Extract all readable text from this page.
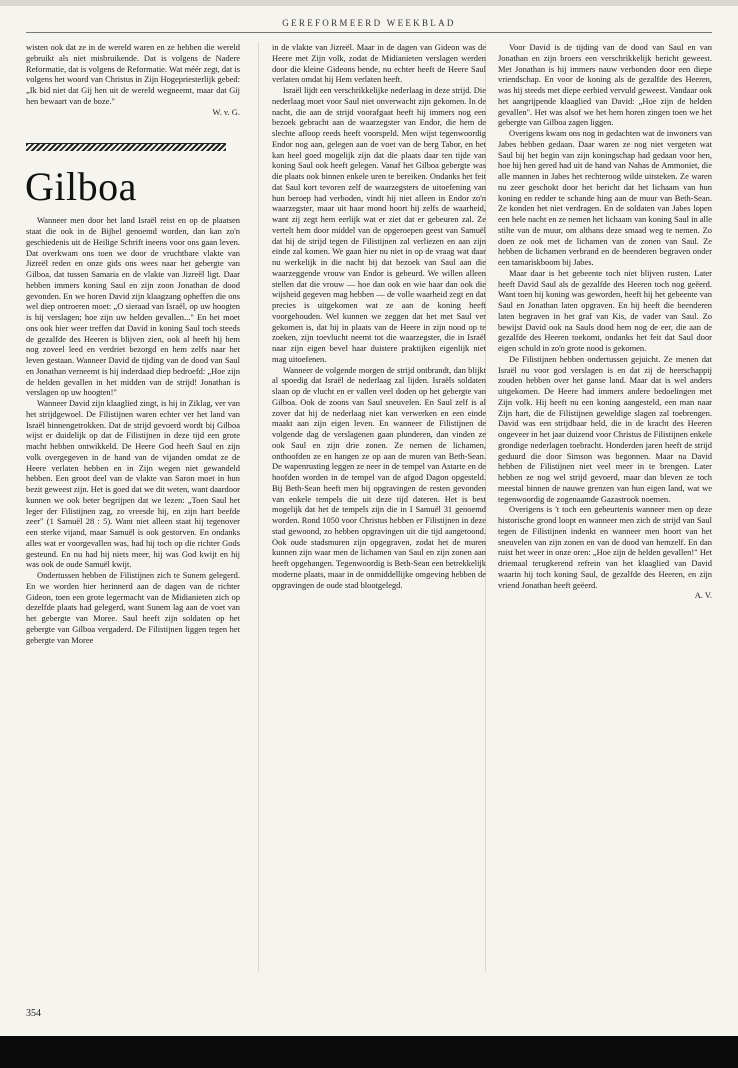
GEREFORMEERD WEEKBLAD

wisten ook dat ze in de wereld waren en ze hebben die wereld gebruikt als niet misbruikende. Dat is volgens de Nadere Reformatie, dat is volgens de Reformatie. Wat méér zegt, dat is volgens het woord van Christus in Zijn Hogepriesterlijk gebed: „Ik bid niet dat Gij hen uit de wereld wegneemt, maar dat Gij hen bewaart van de boze."

W. v. G.

Gilboa

Wanneer men door het land Israël reist en op de plaatsen staat die ook in de Bijbel genoemd worden, dan kan zo'n geschiedenis uit de Heilige Schrift ineens voor ons gaan leven. Dat overkwam ons toen we door de vruchtbare vlakte van Jizreël reden en onze gids ons wees naar het gebergte van Gilboa, dat tussen Samaria en de vlakte van Jizreël ligt. Daar hebben immers koning Saul en zijn zoon Jonathan de dood gevonden. En we horen David zijn klaagzang opheffen die ons wel diep ontroeren moet: „O sieraad van Israël, op uw hoogten is hij verslagen; hoe zijn uw helden gevallen..." En het moet ons ook hier weer treffen dat David in koning Saul toch steeds de gezalfde des Heeren is blijven zien, ook al heeft hij hem nog zoveel leed en verdriet bezorgd en hem zelfs naar het leven gestaan. Wanneer David de tijding van de dood van Saul en Jonathan verneemt is hij inderdaad diep bedroefd: „Hoe zijn de helden gevallen in het midden van de strijd! Jonathan is verslagen op uw hoogten!"

Wanneer David zijn klaaglied zingt, is hij in Ziklag, ver van het strijdgewoel. De Filistijnen waren echter ver het land van Israël binnengetrokken. Dat de strijd gevoerd wordt bij Gilboa wijst er duidelijk op dat de Filistijnen in deze tijd een grote macht hebben ontwikkeld. De Heere God heeft Saul en zijn volk overgegeven in de hand van de vijanden omdat ze de Heere verlaten hebben en in Zijn wegen niet gewandeld hebben. Een groot deel van de vlakte van Saron moet in hun bezit geweest zijn. Het is goed dat we dit weten, want daardoor kunnen we ook beter begrijpen dat we lezen: „Toen Saul het leger der Filistijnen zag, zo vreesde hij, en zijn hart beefde zeer" (1 Samuël 28 : 5). Want niet alleen staat hij tegenover een sterke vijand, maar Samuël is ook gestorven. En ondanks alles wat er voorgevallen was, had hij toch op die richter Gods gesteund. En nu had hij niets meer, hij was God kwijt en hij was ook de oude Samuël kwijt.

Ondertussen hebben de Filistijnen zich te Sunem gelegerd. En we worden hier herinnerd aan de dagen van de richter Gideon, toen een grote legermacht van de Midianieten zich op dezelfde plaats had gelegerd, want Sunem lag aan de voet van het gebergte van Moree. Saul heeft zijn soldaten op het gebergte van Gilboa vergaderd. De Filistijnen liggen tegen het gebergte van Moree

in de vlakte van Jizreël. Maar in de dagen van Gideon was de Heere met Zijn volk, zodat de Midianieten verslagen werden door die kleine Gideons bende, nu echter heeft de Heere Saul verlaten omdat hij Hem verlaten heeft.

Israël lijdt een verschrikkelijke nederlaag in deze strijd. Die nederlaag moet voor Saul niet onverwacht zijn gekomen. In de nacht, die aan de strijd voorafgaat heeft hij immers nog een bezoek gebracht aan de waarzegster van Endor, die hem de slechte afloop reeds heeft voorspeld. Men wijst tegenwoordig Endor nog aan, gelegen aan de voet van de berg Tabor, en het kan heel goed mogelijk zijn dat die plaats daar ten tijde van koning Saul ook heeft gelegen. Vanaf het Gilboa gebergte was die plaats ook binnen enkele uren te bereiken. Ondanks het feit dat Saul kort tevoren zelf de waarzegsters de uitoefening van hun beroep had verboden, vindt hij niet alleen in Endor zo'n waarzegster, maar uit haar mond hoort hij zelfs de waarheid, want zij zegt hem eerlijk wat er ziet dat er gebeuren zal. Ze vertelt hem door middel van de opgeroepen geest van Samuël dat hij de strijd tegen de Filistijnen zal verliezen en aan zijn einde zal komen. We gaan hier nu niet in op de vraag wat daar nu werkelijk in die nacht bij dat bezoek van Saul aan die waarzeggende vrouw van Endor is gebeurd. We willen alleen stellen dat die vrouw — hoe dan ook en wie haar dan ook die wijsheid gegeven mag hebben — de volle waarheid zegt en dat precies is uitgekomen wat ze aan de koning heeft voorgehouden. Wel kunnen we zeggen dat het met Saul ver gekomen is, dat hij in plaats van de Heere in zijn nood op te zoeken, zijn toevlucht neemt tot die waarzegster, die in Israël naar zijn eigen bevel haar duistere praktijken eigenlijk niet mag uitoefenen.

Wanneer de volgende morgen de strijd ontbrandt, dan blijkt al spoedig dat Israël de nederlaag zal lijden. Israëls soldaten slaan op de vlucht en er vallen veel doden op het gebergte van Gilboa. Ook de zoons van Saul sneuvelen. En Saul zelf is al zover dat hij de nederlaag niet kan verwerken en een einde maakt aan zijn eigen leven. En wanneer de Filistijnen de volgende dag de verslagenen gaan plunderen, dan vinden ze ook Saul en zijn drie zonen. Ze nemen de lichamen, onthoofden ze en hangen ze op aan de muren van Beth-Sean. De wapenrusting leggen ze neer in de tempel van Astarte en de hoofden worden in de tempel van de afgod Dagon opgesteld. Bij Beth-Sean heeft men bij opgravingen de resten gevonden van enkele tempels die uit deze tijd dateren. Het is best mogelijk dat het de tempels zijn die in I Samuël 31 genoemd worden. Rond 1050 voor Christus hebben er Filistijnen in deze stad gewoond, zo hebben opgravingen uit die tijd aangetoond. Ook oude stadsmuren zijn opgegraven, zodat het de muren kunnen zijn waar men de lichamen van Saul en zijn zonen aan heeft opgehangen. Tegenwoordig is Beth-Sean een betrekkelijk moderne plaats, maar in de onmiddellijke omgeving hebben de opgravingen de oude stad blootgelegd.

Voor David is de tijding van de dood van Saul en van Jonathan en zijn broers een verschrikkelijk bericht geweest. Met Jonathan is hij immers nauw verbonden door een diepe vriendschap. En voor de koning als de gezalfde des Heeren, was hij steeds met diepe eerbied vervuld geweest. Vandaar ook het aangrijpende klaaglied van David: „Hoe zijn de helden gevallen". Het was alsof we het hem horen zingen toen we het gebergte van Gilboa zagen liggen.

Overigens kwam ons nog in gedachten wat de inwoners van Jabes hebben gedaan. Daar waren ze nog niet vergeten wat Saul bij het begin van zijn koningschap had gedaan voor hen, hoe hij hen gered had uit de hand van Nahas de Ammoniet, die alle mannen in Jabes het rechteroog wilde uitsteken. Ze waren nu zeer geschokt door het bericht dat het lichaam van hun koning en redder te schande hing aan de muur van Beth-Sean. Ze konden het niet verdragen. En de soldaten van Jabes lopen een hele nacht en ze nemen het lichaam van koning Saul in alle stilte van de muur, om althans deze smaad weg te nemen. Zo doen ze ook met de lichamen van de zonen van Saul. Ze hebben de lichamen verbrand en de beenderen begraven onder een tamariskboom bij Jabes.

Maar daar is het gebeente toch niet blijven rusten. Later heeft David Saul als de gezalfde des Heeren toch nog geëerd. Want toen hij koning was geworden, heeft hij het gebeente van Saul en Jonathan laten opgraven. En hij heeft die beenderen laten begraven in het graf van Kis, de vader van Saul. Zo bewijst David ook na Sauls dood hem nog de eer, die aan de gezalfde des Heeren toekomt, ondanks het feit dat Saul door eigen schuld in zo'n grote nood is gekomen.

De Filistijnen hebben ondertussen gejuicht. Ze menen dat Israël nu voor god verslagen is en dat zij de heerschappij zouden hebben over het ganse land. Maar dat is wel anders uitgekomen. De Heere had immers andere bedoelingen met Zijn volk. Hij heeft nu een koning aangesteld, een man naar Zijn hart, die de Filistijnen geweldige slagen zal toebrengen. David was een strijdbaar held, die in de kracht des Heeren ongeveer in het jaar duizend voor Christus de Filistijnen enkele grondige nederlagen toebracht. Honderden jaren heeft de strijd geduurd die door Simson was begonnen. Maar na David hebben de Filistijnen niet veel meer in te brengen. Later hebben ze nog wel strijd gevoerd, maar dan bleven ze toch meestal binnen de nauwe grenzen van hun eigen land, wat we tegenwoordig de zogenaamde Gazastrook noemen.

Overigens is 't toch een gebeurtenis wanneer men op deze historische grond loopt en wanneer men zich de strijd van Saul tegen de Filistijnen indenkt en wanneer men hoort van het sneuvelen van zijn zonen en van de dood van hemzelf. En dan ruist het weer in onze oren: „Hoe zijn de helden gevallen!" Het driemaal terugkerend refrein van het klaaglied van David waarin hij toch koning Saul, de gezalfde des Heeren, en zijn vriend Jonathan heeft geëerd.

A. V.

354
